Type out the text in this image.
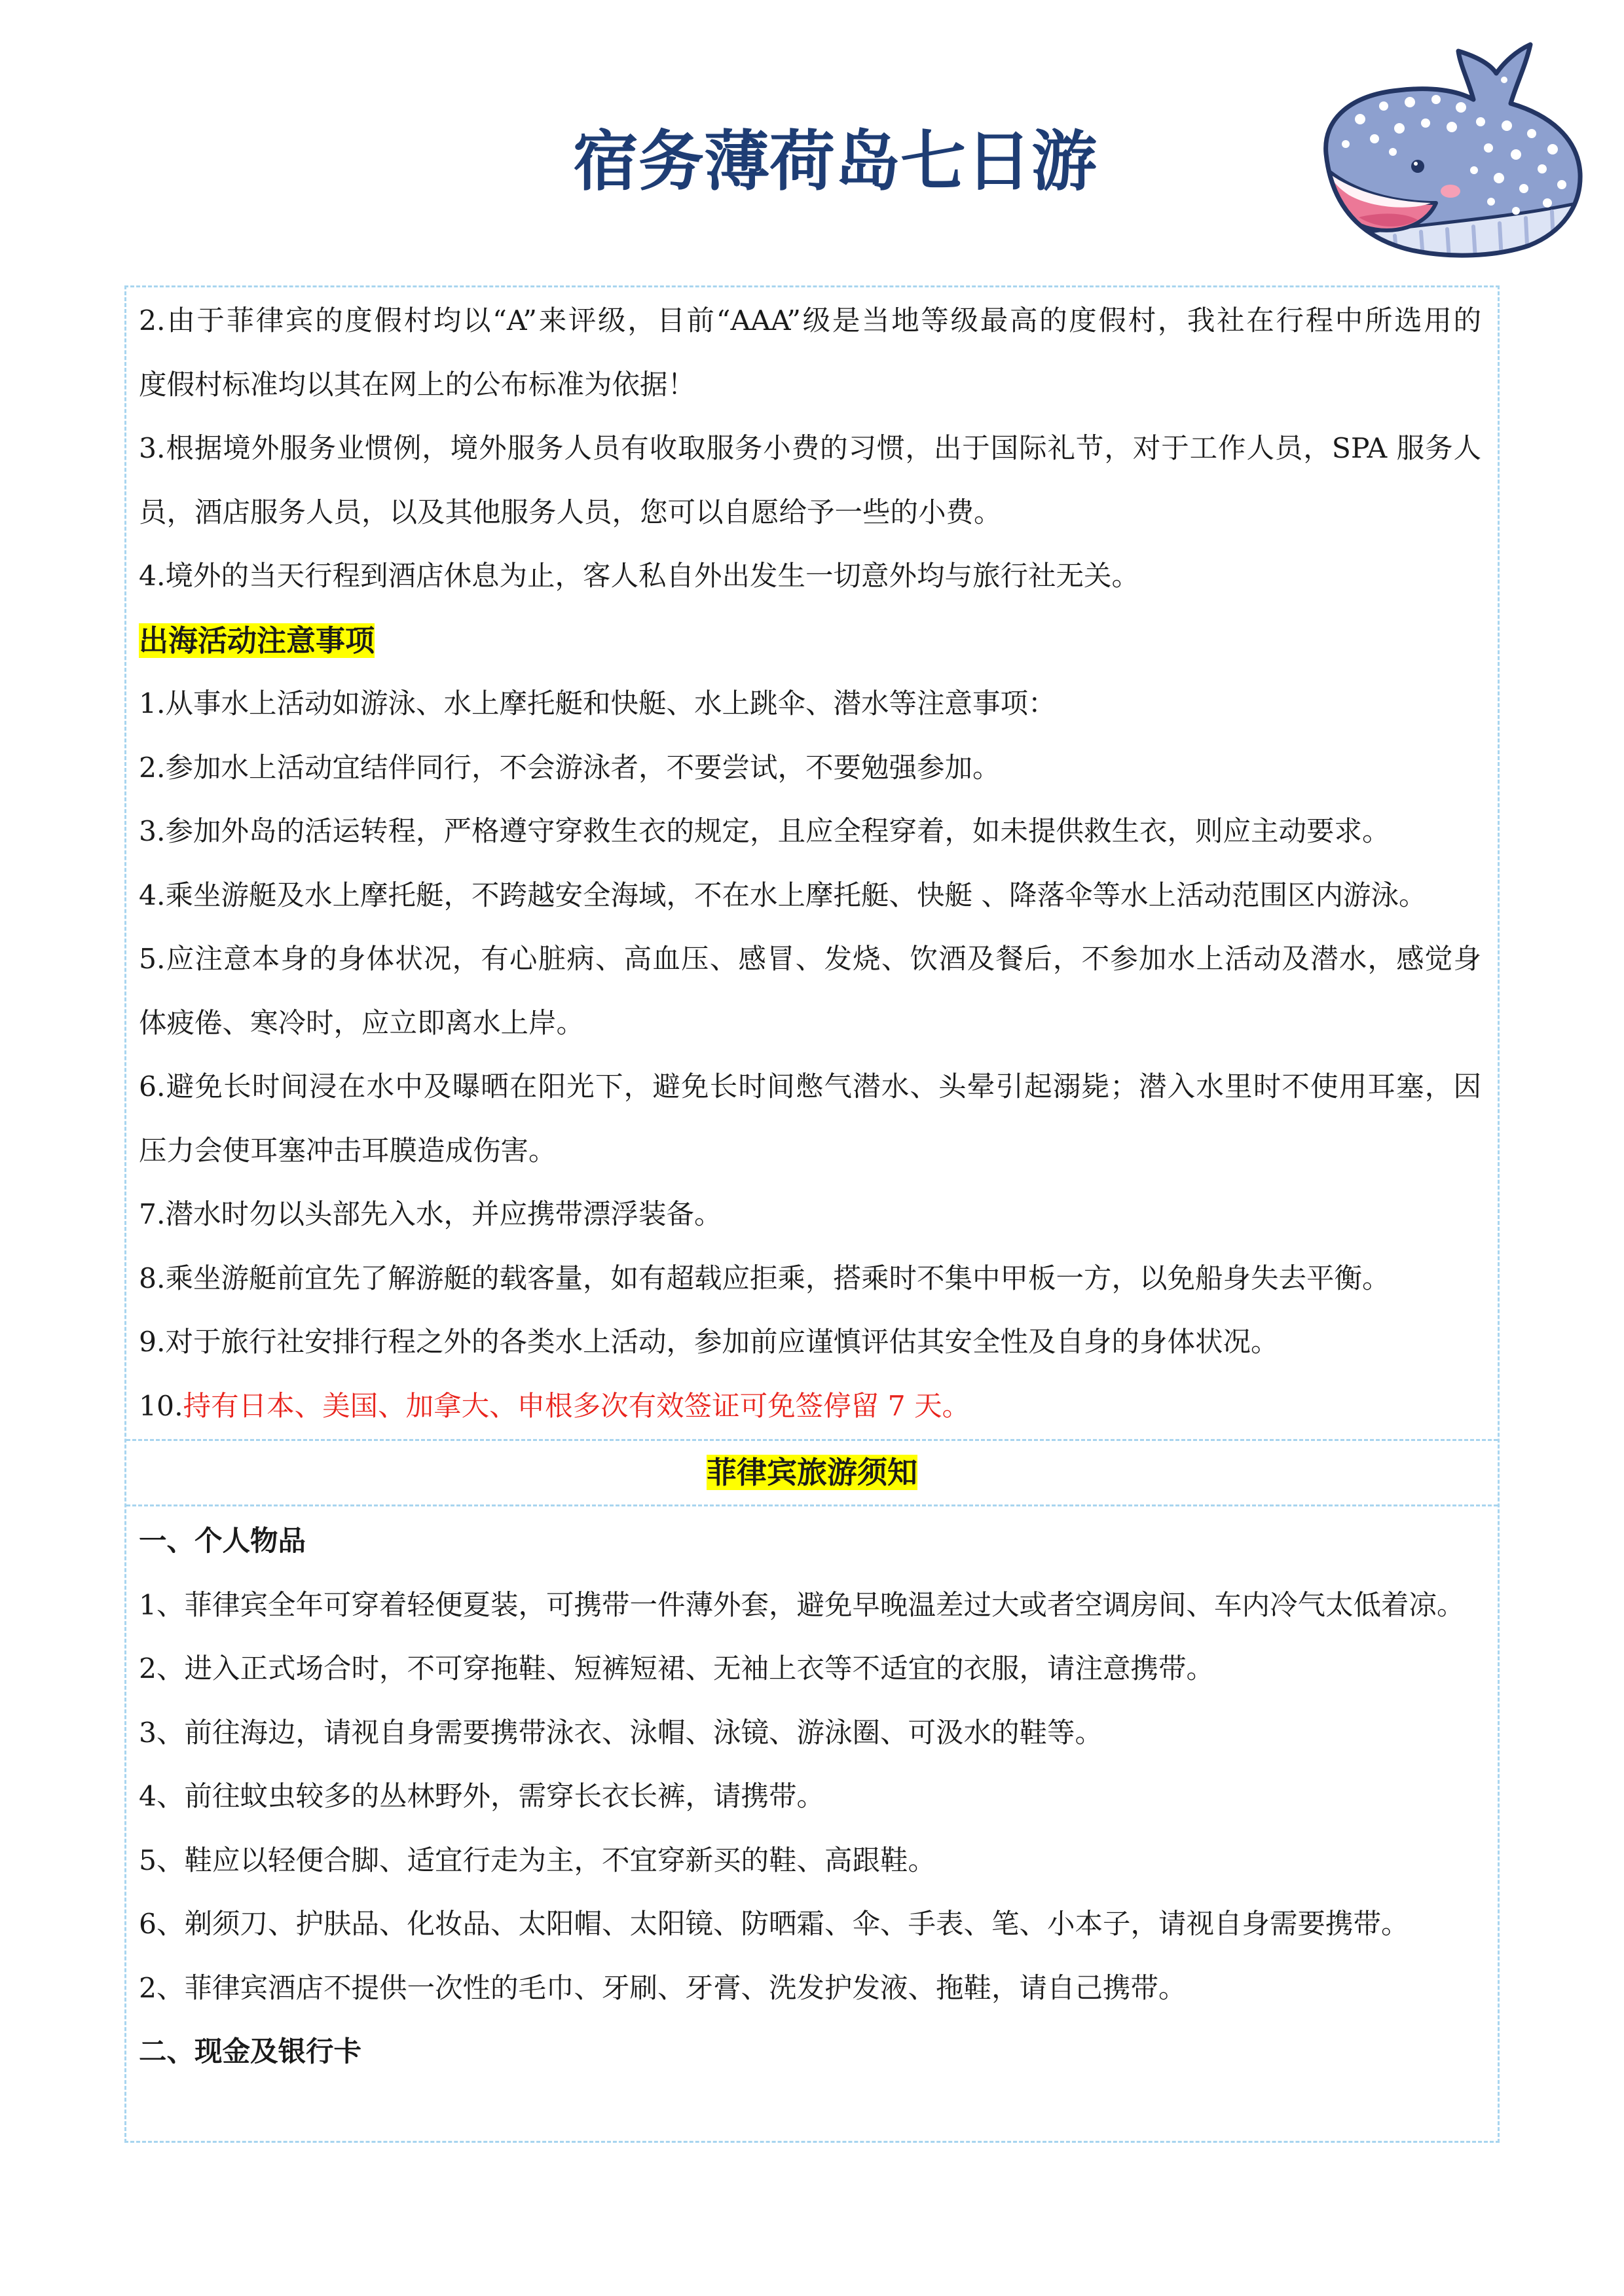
宿务薄荷岛七日游
2.由于菲律宾的度假村均以“A”来评级，目前“AAA”级是当地等级最高的度假村，我社在行程中所选用的
度假村标准均以其在网上的公布标准为依据！
3.根据境外服务业惯例，境外服务人员有收取服务小费的习惯，出于国际礼节，对于工作人员，SPA 服务人
员，酒店服务人员，以及其他服务人员，您可以自愿给予一些的小费。
4.境外的当天行程到酒店休息为止，客人私自外出发生一切意外均与旅行社无关。
出海活动注意事项
1.从事水上活动如游泳、水上摩托艇和快艇、水上跳伞、潜水等注意事项：
2.参加水上活动宜结伴同行，不会游泳者，不要尝试，不要勉强参加。
3.参加外岛的活运转程，严格遵守穿救生衣的规定，且应全程穿着，如未提供救生衣，则应主动要求。
4.乘坐游艇及水上摩托艇，不跨越安全海域，不在水上摩托艇、快艇 、降落伞等水上活动范围区内游泳。
5.应注意本身的身体状况，有心脏病、高血压、感冒、发烧、饮酒及餐后，不参加水上活动及潜水，感觉身
体疲倦、寒冷时，应立即离水上岸。
6.避免长时间浸在水中及曝晒在阳光下，避免长时间憋气潜水、头晕引起溺毙；潜入水里时不使用耳塞，因
压力会使耳塞冲击耳膜造成伤害。
7.潜水时勿以头部先入水，并应携带漂浮装备。
8.乘坐游艇前宜先了解游艇的载客量，如有超载应拒乘，搭乘时不集中甲板一方，以免船身失去平衡。
9.对于旅行社安排行程之外的各类水上活动，参加前应谨慎评估其安全性及自身的身体状况。
10.持有日本、美国、加拿大、申根多次有效签证可免签停留 7 天。
菲律宾旅游须知
一、个人物品
1、菲律宾全年可穿着轻便夏装，可携带一件薄外套，避免早晚温差过大或者空调房间、车内冷气太低着凉。
2、进入正式场合时，不可穿拖鞋、短裤短裙、无袖上衣等不适宜的衣服，请注意携带。
3、前往海边，请视自身需要携带泳衣、泳帽、泳镜、游泳圈、可汲水的鞋等。
4、前往蚊虫较多的丛林野外，需穿长衣长裤，请携带。
5、鞋应以轻便合脚、适宜行走为主，不宜穿新买的鞋、高跟鞋。
6、剃须刀、护肤品、化妆品、太阳帽、太阳镜、防晒霜、伞、手表、笔、小本子，请视自身需要携带。
2、菲律宾酒店不提供一次性的毛巾、牙刷、牙膏、洗发护发液、拖鞋，请自己携带。
二、现金及银行卡
